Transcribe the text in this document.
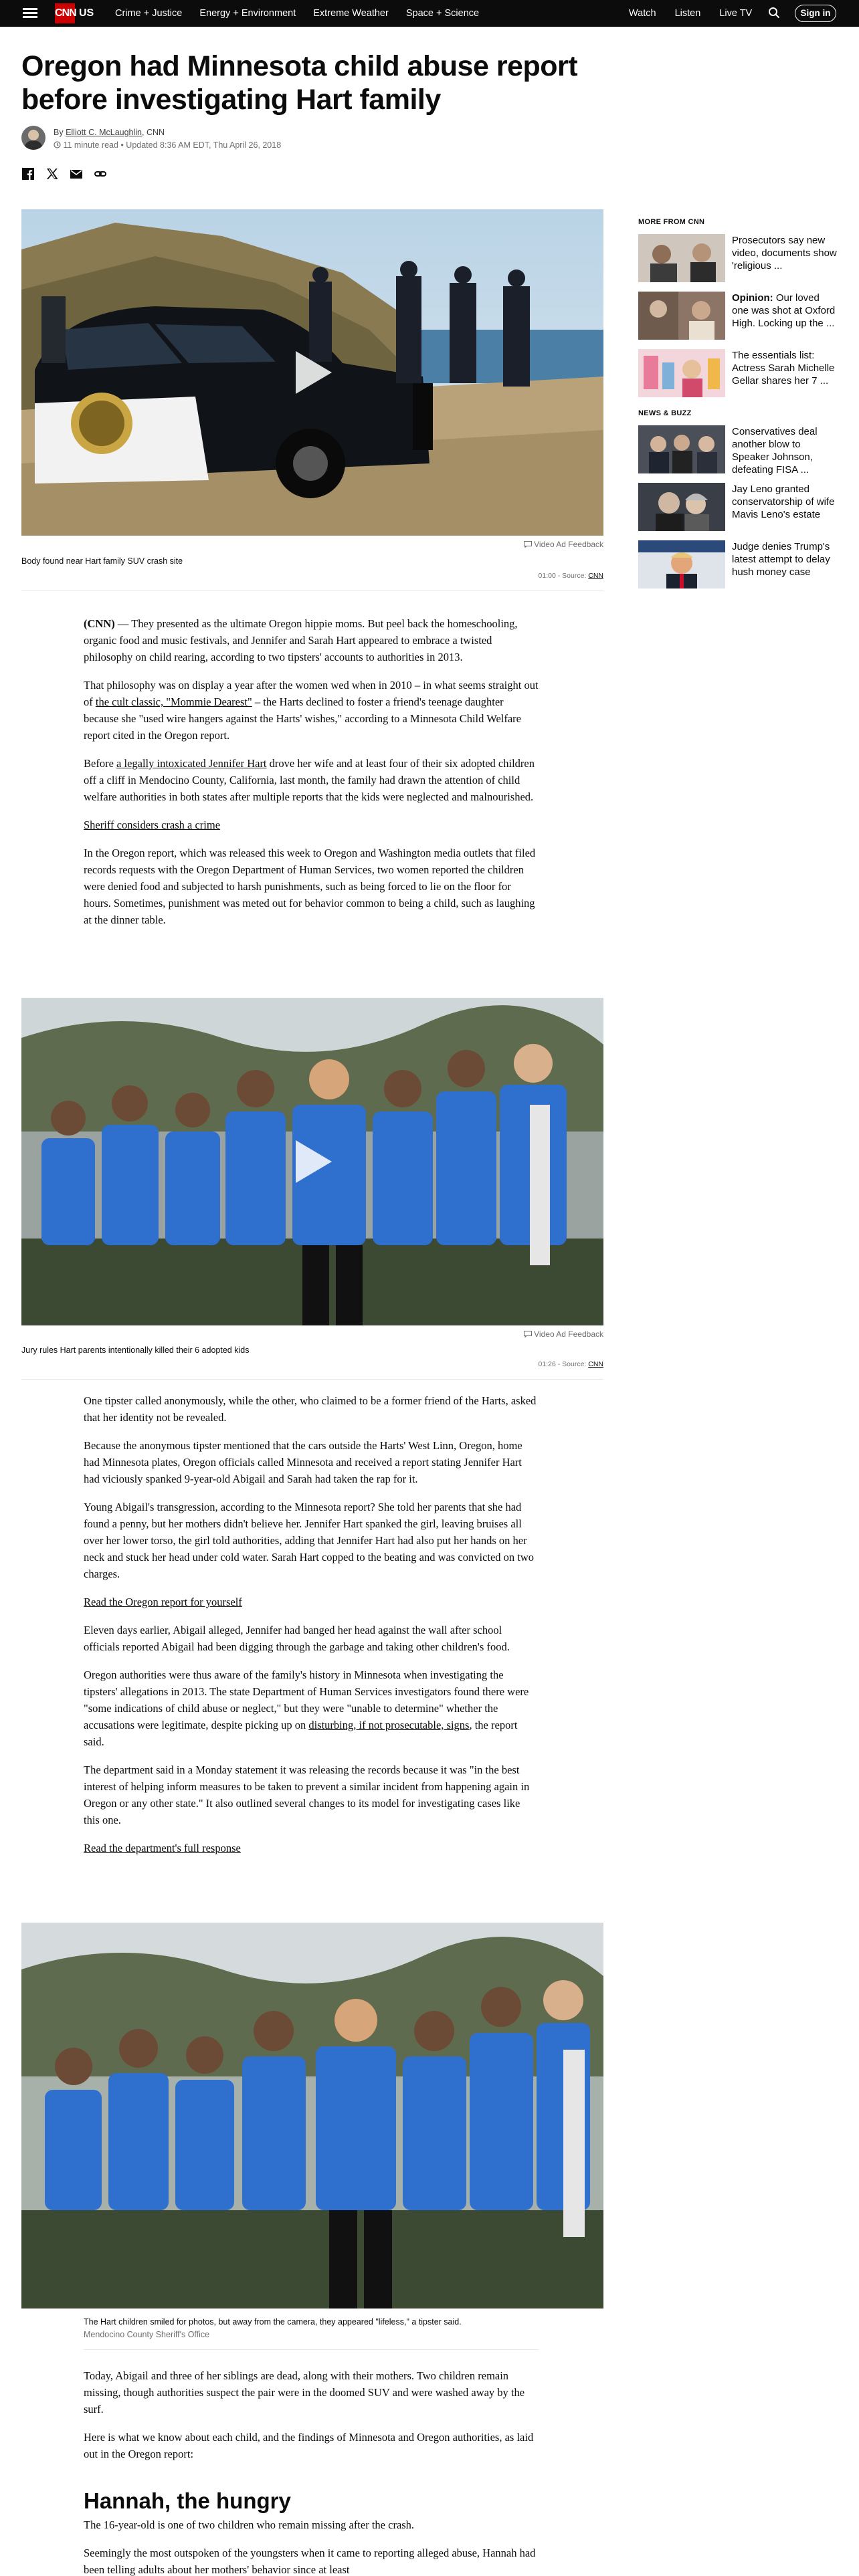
CNN US Crime + Justice Energy + Environment Extreme Weather Space + Science	Watch Listen Live TV	Sign in
Oregon had Minnesota child abuse report before investigating Hart family
By Elliott C. McLaughlin, CNN
11 minute read • Updated 8:36 AM EDT, Thu April 26, 2018
Video Ad Feedback
Body found near Hart family SUV crash site
01:00 - Source: CNN

(CNN) — They presented as the ultimate Oregon hippie moms. But peel back the homeschooling, organic food and music festivals, and Jennifer and Sarah Hart appeared to embrace a twisted philosophy on child rearing, according to two tipsters' accounts to authorities in 2013.

That philosophy was on display a year after the women wed when in 2010 – in what seems straight out of the cult classic, "Mommie Dearest" – the Harts declined to foster a friend's teenage daughter because she "used wire hangers against the Harts' wishes," according to a Minnesota Child Welfare report cited in the Oregon report.

Before a legally intoxicated Jennifer Hart drove her wife and at least four of their six adopted children off a cliff in Mendocino County, California, last month, the family had drawn the attention of child welfare authorities in both states after multiple reports that the kids were neglected and malnourished.

Sheriff considers crash a crime

In the Oregon report, which was released this week to Oregon and Washington media outlets that filed records requests with the Oregon Department of Human Services, two women reported the children were denied food and subjected to harsh punishments, such as being forced to lie on the floor for hours. Sometimes, punishment was meted out for behavior common to being a child, such as laughing at the dinner table.

Video Ad Feedback
Jury rules Hart parents intentionally killed their 6 adopted kids
01:26 - Source: CNN

One tipster called anonymously, while the other, who claimed to be a former friend of the Harts, asked that her identity not be revealed.

Because the anonymous tipster mentioned that the cars outside the Harts' West Linn, Oregon, home had Minnesota plates, Oregon officials called Minnesota and received a report stating Jennifer Hart had viciously spanked 9-year-old Abigail and Sarah had taken the rap for it.

Young Abigail's transgression, according to the Minnesota report? She told her parents that she had found a penny, but her mothers didn't believe her. Jennifer Hart spanked the girl, leaving bruises all over her lower torso, the girl told authorities, adding that Jennifer Hart had also put her hands on her neck and stuck her head under cold water. Sarah Hart copped to the beating and was convicted on two charges.

Read the Oregon report for yourself

Eleven days earlier, Abigail alleged, Jennifer had banged her head against the wall after school officials reported Abigail had been digging through the garbage and taking other children's food.

Oregon authorities were thus aware of the family's history in Minnesota when investigating the tipsters' allegations in 2013. The state Department of Human Services investigators found there were "some indications of child abuse or neglect," but they were "unable to determine" whether the accusations were legitimate, despite picking up on disturbing, if not prosecutable, signs, the report said.

The department said in a Monday statement it was releasing the records because it was "in the best interest of helping inform measures to be taken to prevent a similar incident from happening again in Oregon or any other state." It also outlined several changes to its model for investigating cases like this one.

Read the department's full response

The Hart children smiled for photos, but away from the camera, they appeared "lifeless," a tipster said.
Mendocino County Sheriff's Office

Today, Abigail and three of her siblings are dead, along with their mothers. Two children remain missing, though authorities suspect the pair were in the doomed SUV and were washed away by the surf.

Here is what we know about each child, and the findings of Minnesota and Oregon authorities, as laid out in the Oregon report:

Hannah, the hungry

The 16-year-old is one of two children who remain missing after the crash.

Seemingly the most outspoken of the youngsters when it came to reporting alleged abuse, Hannah had been telling adults about her mothers' behavior since at least

MORE FROM CNN
Prosecutors say new video, documents show 'religious ...
Opinion: Our loved one was shot at Oxford High. Locking up the ...
The essentials list: Actress Sarah Michelle Gellar shares her 7 ...
NEWS & BUZZ
Conservatives deal another blow to Speaker Johnson, defeating FISA ...
Jay Leno granted conservatorship of wife Mavis Leno's estate
Judge denies Trump's latest attempt to delay hush money case
